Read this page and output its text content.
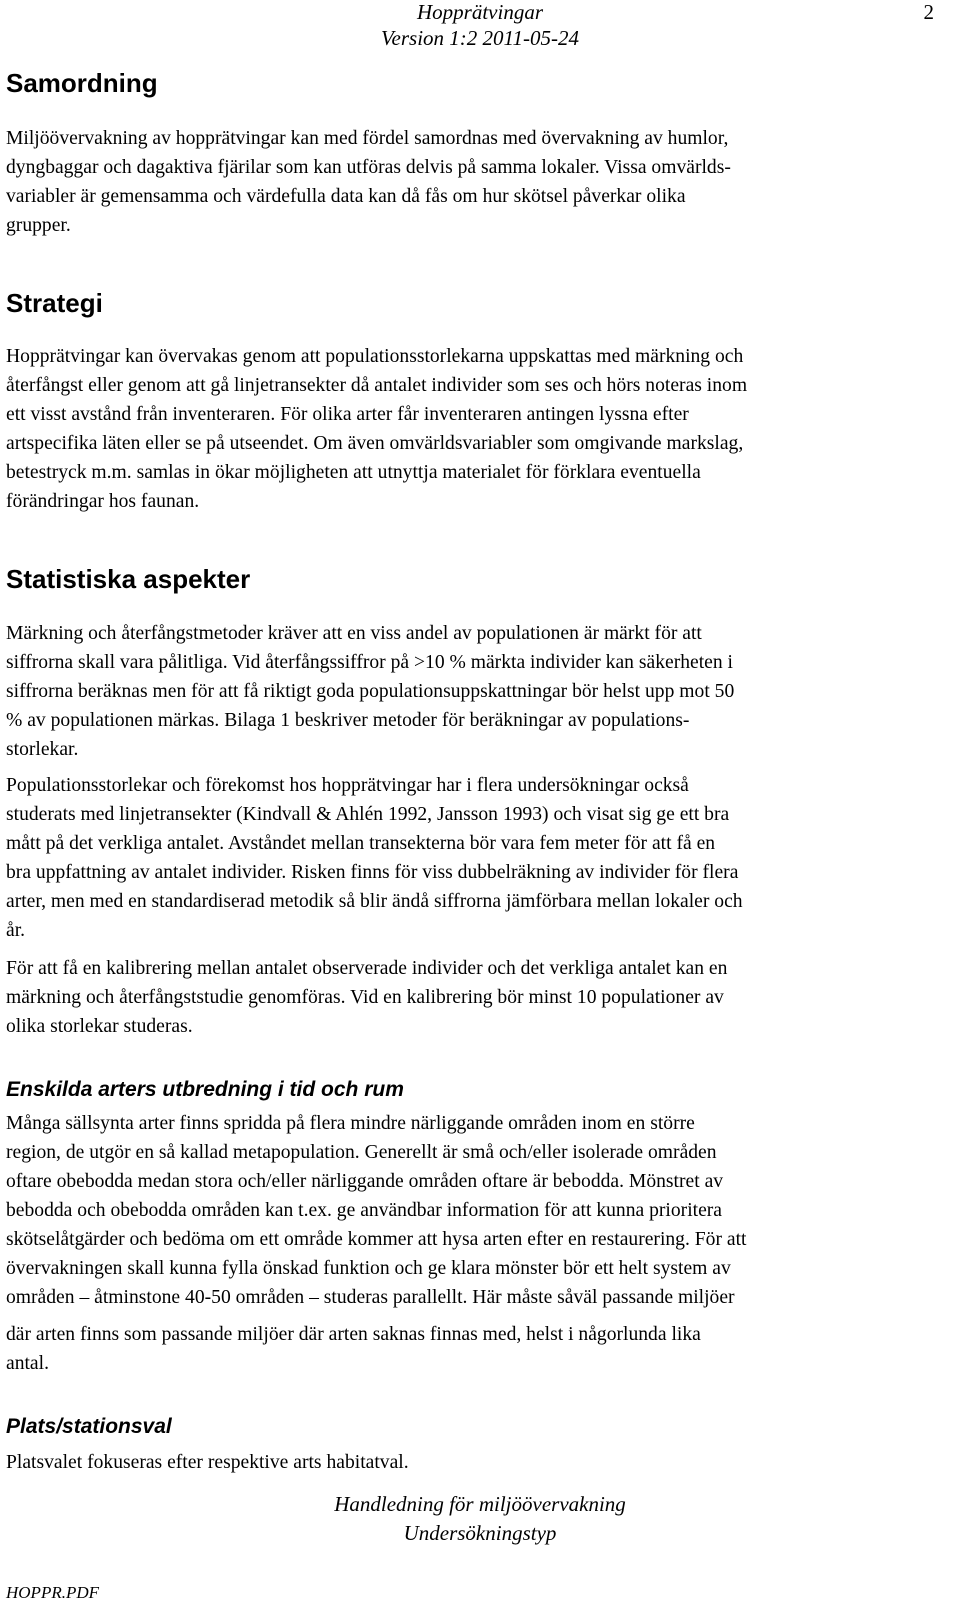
Hopprätvingar
Version 1:2 2011-05-24
2
Samordning
Miljöövervakning av hopprätvingar kan med fördel samordnas med övervakning av humlor,
dyngbaggar och dagaktiva fjärilar som kan utföras delvis på samma lokaler. Vissa omvärlds-
variabler är gemensamma och värdefulla data kan då fås om hur skötsel påverkar olika
grupper.
Strategi
Hopprätvingar kan övervakas genom att populationsstorlekarna uppskattas med märkning och
återfångst eller genom att gå linjetransekter då antalet individer som ses och hörs noteras inom
ett visst avstånd från inventeraren. För olika arter får inventeraren antingen lyssna efter
artspecifika läten eller se på utseendet. Om även omvärldsvariabler som omgivande markslag,
betestryck m.m. samlas in ökar möjligheten att utnyttja materialet för förklara eventuella
förändringar hos faunan.
Statistiska aspekter
Märkning och återfångstmetoder kräver att en viss andel av populationen är märkt för att
siffrorna skall vara pålitliga. Vid återfångssiffror på >10 % märkta individer kan säkerheten i
siffrorna beräknas men för att få riktigt goda populationsuppskattningar bör helst upp mot 50
% av populationen märkas. Bilaga 1 beskriver metoder för beräkningar av populations-
storlekar.
Populationsstorlekar och förekomst hos hopprätvingar har i flera undersökningar också
studerats med linjetransekter (Kindvall & Ahlén 1992, Jansson 1993) och visat sig ge ett bra
mått på det verkliga antalet. Avståndet mellan transekterna bör vara fem meter för att få en
bra uppfattning av antalet individer. Risken finns för viss dubbelräkning av individer för flera
arter, men med en standardiserad metodik så blir ändå siffrorna jämförbara mellan lokaler och
år.
För att få en kalibrering mellan antalet observerade individer och det verkliga antalet kan en
märkning och återfångststudie genomföras. Vid en kalibrering bör minst 10 populationer av
olika storlekar studeras.
Enskilda arters utbredning i tid och rum
Många sällsynta arter finns spridda på flera mindre närliggande områden inom en större
region, de utgör en så kallad metapopulation. Generellt är små och/eller isolerade områden
oftare obebodda medan stora och/eller närliggande områden oftare är bebodda. Mönstret av
bebodda och obebodda områden kan t.ex. ge användbar information för att kunna prioritera
skötselåtgärder och bedöma om ett område kommer att hysa arten efter en restaurering. För att
övervakningen skall kunna fylla önskad funktion och ge klara mönster bör ett helt system av
områden – åtminstone 40-50 områden – studeras parallellt. Här måste såväl passande miljöer
där arten finns som passande miljöer där arten saknas finnas med, helst i någorlunda lika
antal.
Plats/stationsval
Platsvalet fokuseras efter respektive arts habitatval.
Handledning för miljöövervakning
Undersökningstyp
HOPPR.PDF
